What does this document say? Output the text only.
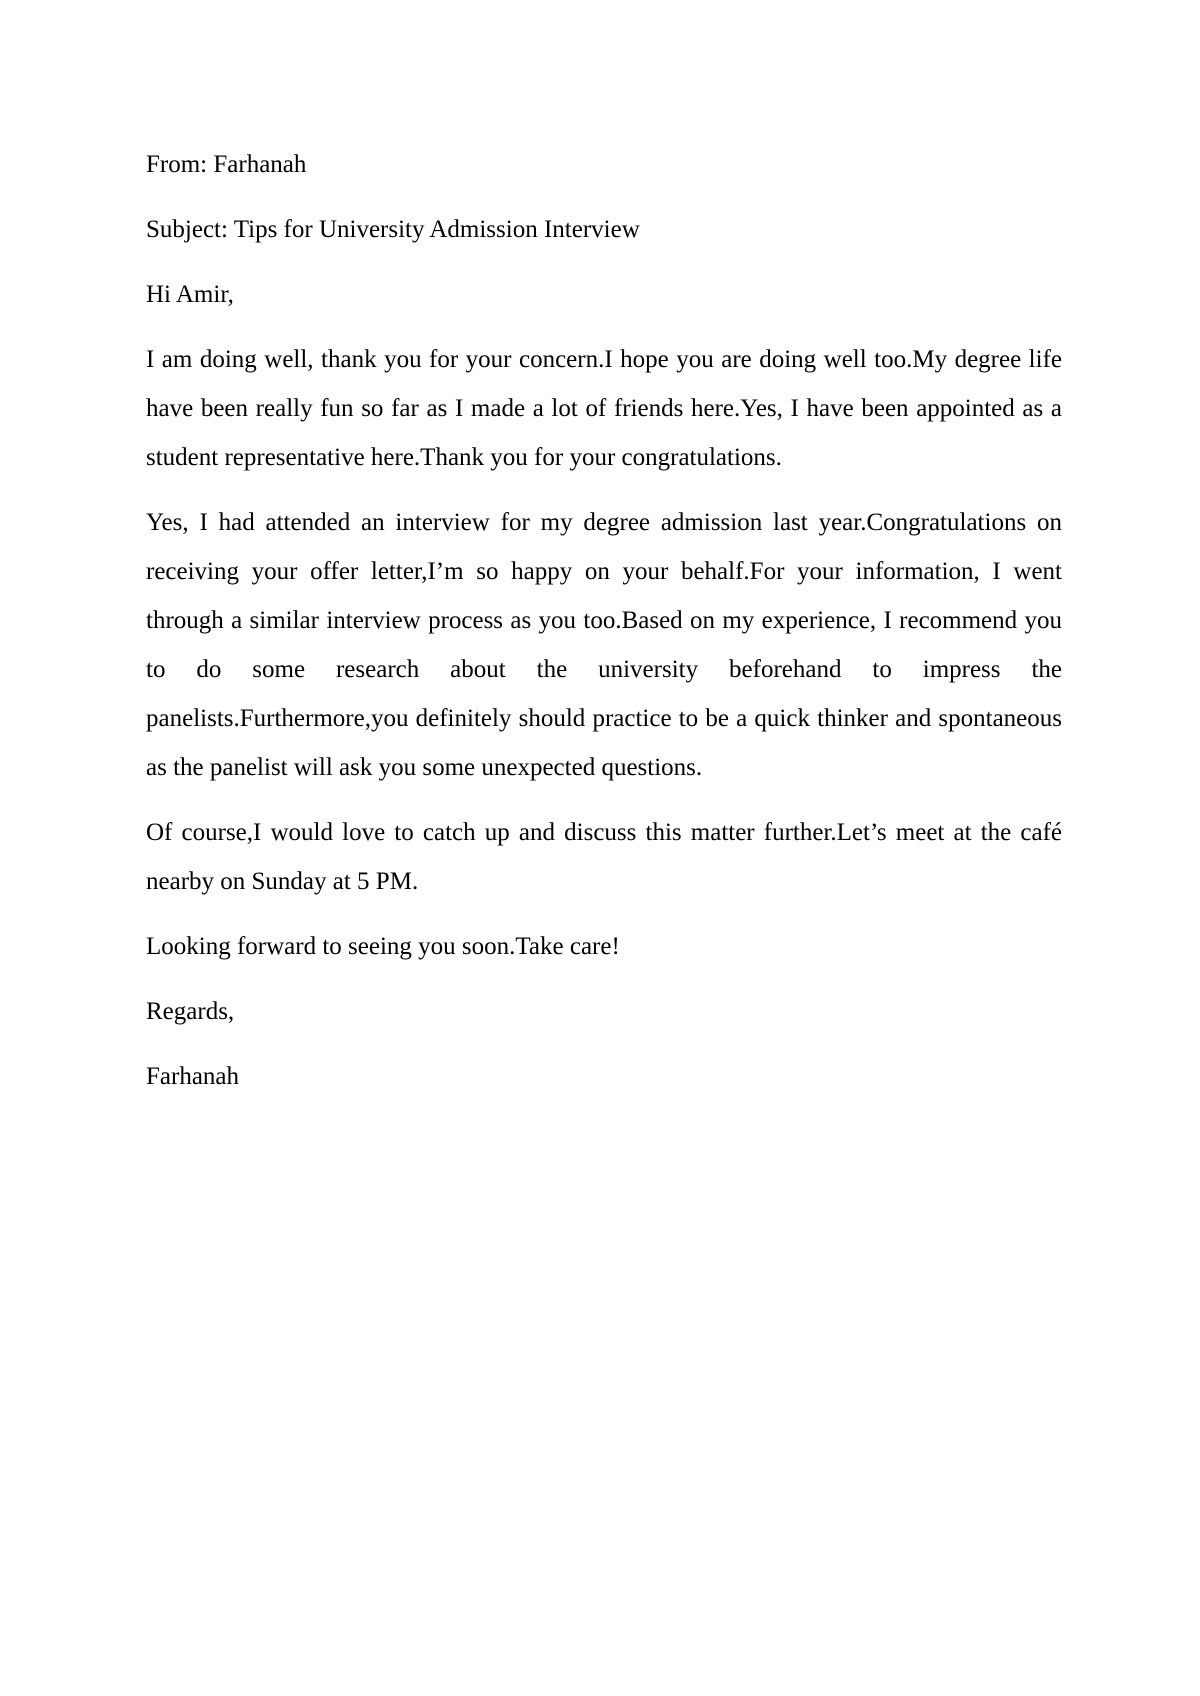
From: Farhanah

Subject: Tips for University Admission Interview

Hi Amir,

I am doing well, thank you for your concern.I hope you are doing well too.My degree life have been really fun so far as I made a lot of friends here.Yes, I have been appointed as a student representative here.Thank you for your congratulations.

Yes, I had attended an interview for my degree admission last year.Congratulations on receiving your offer letter,I’m so happy on your behalf.For your information, I went through a similar interview process as you too.Based on my experience, I recommend you to do some research about the university beforehand to impress the panelists.Furthermore,you definitely should practice to be a quick thinker and spontaneous as the panelist will ask you some unexpected questions.

Of course,I would love to catch up and discuss this matter further.Let’s meet at the café nearby on Sunday at 5 PM.

Looking forward to seeing you soon.Take care!

Regards,

Farhanah
